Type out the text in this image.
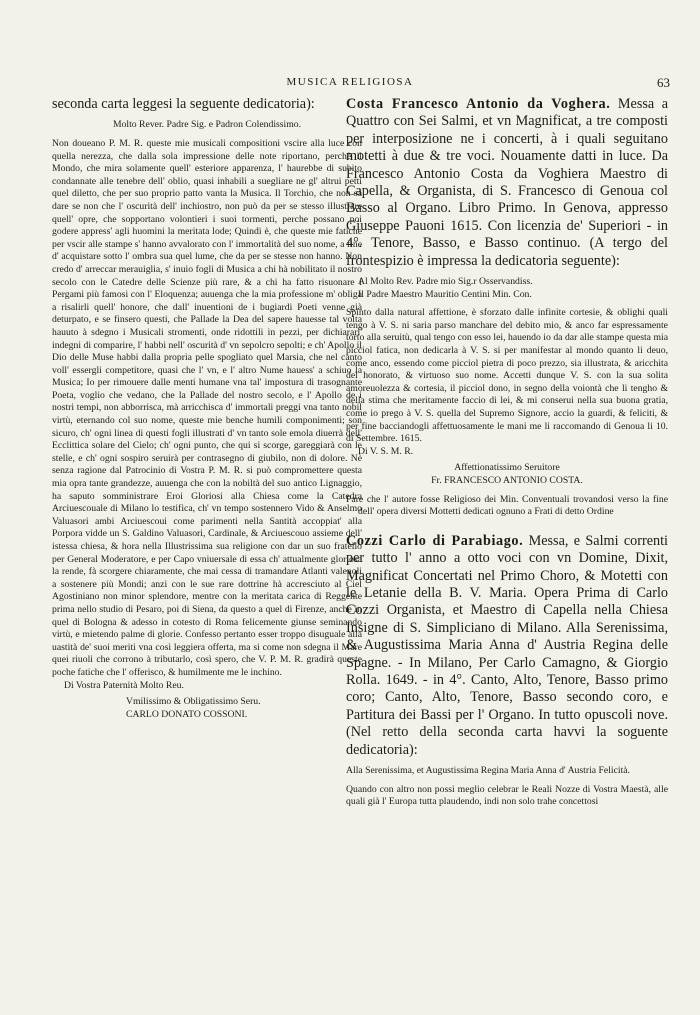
MUSICA RELIGIOSA	63

seconda carta leggesi la seguente dedicatoria):

Molto Rever. Padre Sig. e Padron Colendissimo.

Non doueano P. M. R. queste mie musicali compositioni vscire alla luce con quella nerezza, che dalla sola impressione delle note riportano, perchè il Mondo, che mira solamente quell' esteriore apparenza, l' haurebbe di subito condannate alle tenebre dell' oblio, quasi inhabili a suegliare ne gl' altrui petti quel diletto, che per suo proprio patto vanta la Musica. Il Torchio, che non sà dare se non che l' oscurità dell' inchiostro, non può da per se stesso illustrare quell' opre, che sopportano volontieri i suoi tormenti, perche possano poi godere appress' agli huomini la meritata lode; Quindi è, che queste mie fatiche per vscir alle stampe s' hanno avvalorato con l' immortalità del suo nome, a fine d' acquistare sotto l' ombra sua quel lume, che da per se stesse non hanno. Non credo d' arreccar merauiglia, s' inuio fogli di Musica a chi hà nobilitato il nostro secolo con le Catedre delle Scienze più rare, & a chi ha fatto risuonare i Pergami più famosi con l' Eloquenza; auuenga che la mia professione m' obliga a risalirli quell' honore, che dall' inuentioni de i bugiardi Poeti venne già deturpato, e se finsero questi, che Pallade la Dea del sapere hauesse tal volta hauuto à sdegno i Musicali stromenti, onde ridottili in pezzi, per dichiararl' indegni di comparire, l' habbi nell' oscurità d' vn sepolcro sepolti; e ch' Apollo il Dio delle Muse habbi dalla propria pelle spogliato quel Marsia, che nel canto voll' essergli competitore, quasi che l' vn, e l' altro Nume hauess' a schiuo la Musica; Io per rimouere dalle menti humane vna tal' impostura di trasognante Poeta, voglio che vedano, che la Pallade del nostro secolo, e l' Apollo de i nostri tempi, non abborrisca, mà arricchisca d' immortali preggi vna tanto nobil virtù, eternando col suo nome, queste mie benche humili componimenti; son sicuro, ch' ogni linea di questi fogli illustrati d' vn tanto sole emola diuerrà dell' Ecclittica solare del Cielo; ch' ogni punto, che qui si scorge, gareggiarà con le stelle, e ch' ogni sospiro seruirà per contrasegno di giubilo, non di dolore. Nè senza ragione dal Patrocinio di Vostra P. M. R. si può compromettere questa mia opra tante grandezze, auuenga che con la nobiltà del suo antico Lignaggio, ha saputo somministrare Eroi Gloriosi alla Chiesa come la Catedra Arciuescouale di Milano lo testifica, ch' vn tempo sostennero Vido & Anselmo Valuasori ambi Arciuescoui come parimenti nella Santità accoppiat' alla Porpora vidde un S. Galdino Valuasori, Cardinale, & Arciuescouo assieme dell' istessa chiesa, & hora nella Illustrissima sua religione con dar un suo fratello per General Moderatore, e per Capo vniuersale di essa ch' attualmente gloriosa la rende, fà scorgere chiaramente, che mai cessa di tramandare Atlanti valenoli a sostenere più Mondi; anzi con le sue rare dottrine hà accresciuto al Ciel Agostiniano non minor splendore, mentre con la meritata carica di Reggente prima nello studio di Pesaro, poi di Siena, da questo a quel di Firenze, anche in quel di Bologna & adesso in cotesto di Roma felicemente giunse seminando virtù, e mietendo palme di glorie. Confesso pertanto esser troppo disuguale alla uastità de' suoi meriti vna così leggiera offerta, ma si come non sdegna il Mare quei riuoli che corrono à tributarlo, così spero, che V. P. M. R. gradirà queste poche fatiche che l' offerisco, & humilmente me le inchino.

Di Vostra Paternità Molto Reu.

Vmilissimo & Obligatissimo Seru.

CARLO DONATO COSSONI.

Costa Francesco Antonio da Voghera. Messa a Quattro con Sei Salmi, et vn Magnificat, a tre composti per interposizione ne i concerti, à i quali seguitano motetti à due & tre voci. Nouamente datti in luce. Da Francesco Antonio Costa da Voghiera Maestro di Capella, & Organista, di S. Francesco di Genoua col Basso al Organo. Libro Primo. In Genova, appresso Giuseppe Pauoni 1615. Con licenzia de' Superiori - in 4°. Tenore, Basso, e Basso continuo. (A tergo del frontespizio è impressa la dedicatoria seguente):

Al Molto Rev. Padre mio Sig.r Osservandiss.

Il Padre Maestro Mauritio Centini Min. Con.

Spinto dalla natural affettione, è sforzato dalle infinite cortesie, & oblighi quali tengo à V. S. ni saria parso manchare del debito mio, & anco far espressamente torto alla seruitù, qual tengo con esso lei, hauendo io da dar alle stampe questa mia picciol fatica, non dedicarla à V. S. si per manifestar al mondo quanto li deuo, come anco, essendo come picciol pietra di poco prezzo, sia illustrata, & aricchita del honorato, & virtuoso suo nome. Accetti dunque V. S. con la sua solita amoreuolezza & cortesia, il picciol dono, in segno della voiontà che li tengho & della stima che meritamente faccio di lei, & mi conserui nella sua buona gratia, come io prego à V. S. quella del Supremo Signore, accio la guardi, & feliciti, & per fine bacciandogli affettuosamente le mani me li raccomando di Genoua li 10. di Settembre. 1615.

Di V. S. M. R.

Affettionatissimo Seruitore

Fr. FRANCESCO ANTONIO COSTA.

Pare che l' autore fosse Religioso dei Min. Conventuali trovandosi verso la fine dell' opera diversi Mottetti dedicati ognuno a Frati di detto Ordine

Cozzi Carlo di Parabiago. Messa, e Salmi correnti per tutto l' anno a otto voci con vn Domine, Dixit, Magnificat Concertati nel Primo Choro, & Motetti con le Letanie della B. V. Maria. Opera Prima di Carlo Cozzi Organista, et Maestro di Capella nella Chiesa Insigne di S. Simpliciano di Milano. Alla Serenissima, & Augustissima Maria Anna d' Austria Regina delle Spagne. - In Milano, Per Carlo Camagno, & Giorgio Rolla. 1649. - in 4°. Canto, Alto, Tenore, Basso primo coro; Canto, Alto, Tenore, Basso secondo coro, e Partitura dei Bassi per l' Organo. In tutto opuscoli nove. (Nel retto della seconda carta havvi la soguente dedicatoria):

Alla Serenissima, et Augustissima Regina Maria Anna d' Austria Felicità.

Quando con altro non possi meglio celebrar le Reali Nozze di Vostra Maestà, alle quali già l' Europa tutta plaudendo, indi non solo trahe concettosi
